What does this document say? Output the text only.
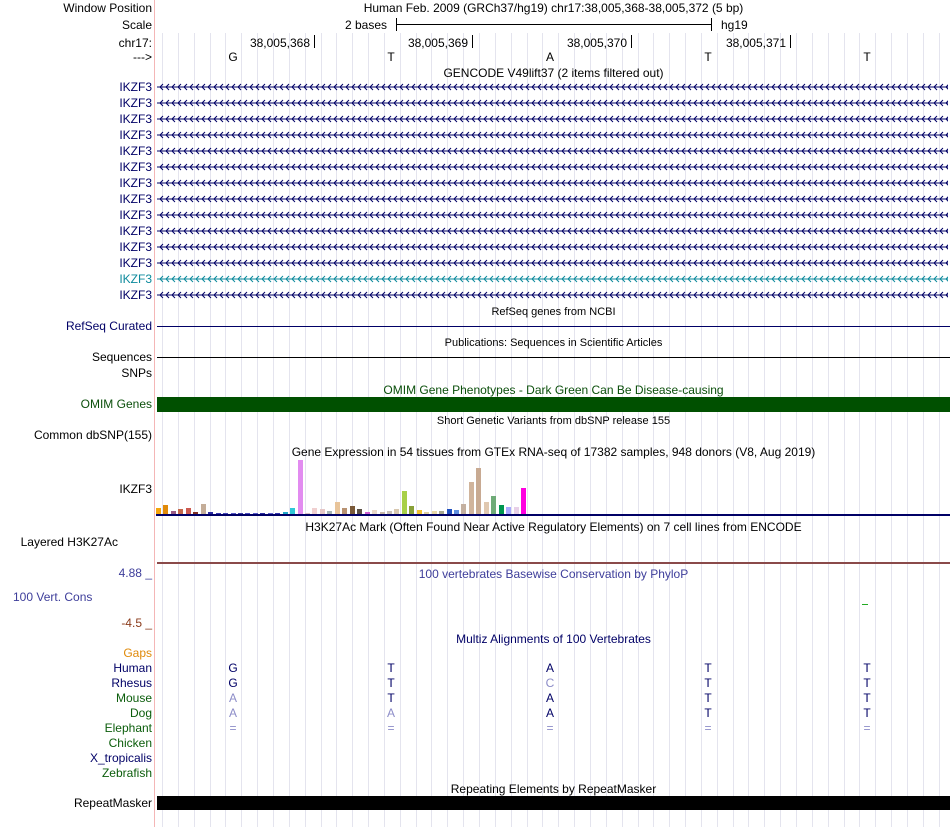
Window Position	Human Feb. 2009 (GRCh37/hg19) chr17:38,005,368-38,005,372 (5 bp)
Scale	2 bases	hg19
chr17:	38,005,368	38,005,369	38,005,370	38,005,371
--->	G	T	A	T	T
GENCODE V49lift37 (2 items filtered out)
IKZF3
IKZF3
IKZF3
IKZF3
IKZF3
IKZF3
IKZF3
IKZF3
IKZF3
IKZF3
IKZF3
IKZF3
IKZF3
IKZF3
RefSeq genes from NCBI
RefSeq Curated
Publications: Sequences in Scientific Articles
Sequences
SNPs
OMIM Gene Phenotypes - Dark Green Can Be Disease-causing
OMIM Genes
Short Genetic Variants from dbSNP release 155
Common dbSNP(155)
Gene Expression in 54 tissues from GTEx RNA-seq of 17382 samples, 948 donors (V8, Aug 2019)
IKZF3
H3K27Ac Mark (Often Found Near Active Regulatory Elements) on 7 cell lines from ENCODE
Layered H3K27Ac
100 vertebrates Basewise Conservation by PhyloP
4.88 _
100 Vert. Cons
-4.5 _
Multiz Alignments of 100 Vertebrates
Gaps
Human	G	T	A	T	T
Rhesus	G	T	C	T	T
Mouse	A	T	A	T	T
Dog	A	A	A	T	T
Elephant	=	=	=	=	=
Chicken
X_tropicalis
Zebrafish
Repeating Elements by RepeatMasker
RepeatMasker
